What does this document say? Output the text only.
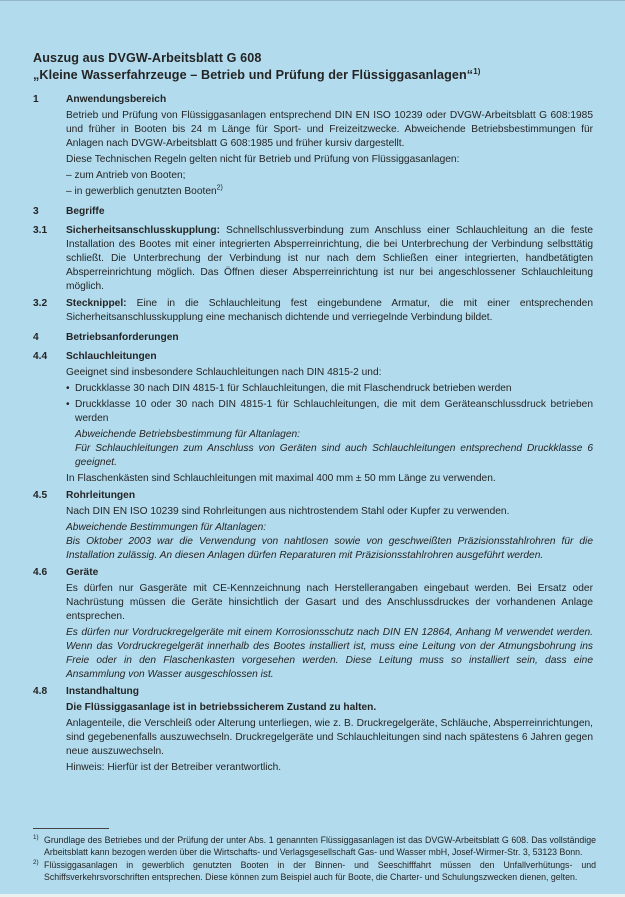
Auszug aus DVGW-Arbeitsblatt G 608
„Kleine Wasserfahrzeuge – Betrieb und Prüfung der Flüssiggasanlagen“$^{1)}$
1	Anwendungsbereich

Betrieb und Prüfung von Flüssiggasanlagen entsprechend DIN EN ISO 10239 oder DVGW-Arbeitsblatt G 608:1985 und früher in Booten bis 24 m Länge für Sport- und Freizeitzwecke. Abweichende Betriebsbestimmungen für Anlagen nach DVGW-Arbeitsblatt G 608:1985 und früher kursiv dargestellt.

Diese Technischen Regeln gelten nicht für Betrieb und Prüfung von Flüssiggasanlagen:

– zum Antrieb von Booten;

– in gewerblich genutzten Booten$^{2)}$

3	Begriffe
3.1	Sicherheitsanschlusskupplung: Schnellschlussverbindung zum Anschluss einer Schlauchleitung an die feste Installation des Bootes mit einer integrierten Absperreinrichtung, die bei Unterbrechung der Verbindung selbsttätig schließt. Die Unterbrechung der Verbindung ist nur nach dem Schließen einer integrierten, handbetätigten Absperreinrichtung möglich. Das Öffnen dieser Absperreinrichtung ist nur bei angeschlossener Schlauchleitung möglich.

3.2	Stecknippel: Eine in die Schlauchleitung fest eingebundene Armatur, die mit einer entsprechenden Sicherheitsanschlusskupplung eine mechanisch dichtende und verriegelnde Verbindung bildet.

4	Betriebsanforderungen
4.4	Schlauchleitungen

Geeignet sind insbesondere Schlauchleitungen nach DIN 4815-2 und:

• Druckklasse 30 nach DIN 4815-1 für Schlauchleitungen, die mit Flaschendruck betrieben werden
• Druckklasse 10 oder 30 nach DIN 4815-1 für Schlauchleitungen, die mit dem Geräteanschlussdruck betrieben werden

Abweichende Betriebsbestimmung für Altanlagen:

Für Schlauchleitungen zum Anschluss von Geräten sind auch Schlauchleitungen entsprechend Druckklasse 6 geeignet.

In Flaschenkästen sind Schlauchleitungen mit maximal 400 mm ± 50 mm Länge zu verwenden.

4.5	Rohrleitungen

Nach DIN EN ISO 10239 sind Rohrleitungen aus nichtrostendem Stahl oder Kupfer zu verwenden.

Abweichende Bestimmungen für Altanlagen:

Bis Oktober 2003 war die Verwendung von nahtlosen sowie von geschweißten Präzisionsstahlrohren für die Installation zulässig. An diesen Anlagen dürfen Reparaturen mit Präzisionsstahlrohren ausgeführt werden.

4.6	Geräte

Es dürfen nur Gasgeräte mit CE-Kennzeichnung nach Herstellerangaben eingebaut werden. Bei Ersatz oder Nachrüstung müssen die Geräte hinsichtlich der Gasart und des Anschlussdruckes der vorhandenen Anlage entsprechen.

Es dürfen nur Vordruckregelgeräte mit einem Korrosionsschutz nach DIN EN 12864, Anhang M verwendet werden. Wenn das Vordruckregelgerät innerhalb des Bootes installiert ist, muss eine Leitung von der Atmungsbohrung ins Freie oder in den Flaschenkasten vorgesehen werden. Diese Leitung muss so installiert sein, dass eine Ansammlung von Wasser ausgeschlossen ist.

4.8	Instandhaltung

Die Flüssiggasanlage ist in betriebssicherem Zustand zu halten.

Anlagenteile, die Verschleiß oder Alterung unterliegen, wie z. B. Druckregelgeräte, Schläuche, Absperreinrichtungen, sind gegebenenfalls auszuwechseln. Druckregelgeräte und Schlauchleitungen sind nach spätestens 6 Jahren gegen neue auszuwechseln.

Hinweis: Hierfür ist der Betreiber verantwortlich.

$^{1)}$ Grundlage des Betriebes und der Prüfung der unter Abs. 1 genannten Flüssiggasanlagen ist das DVGW-Arbeitsblatt G 608. Das vollständige Arbeitsblatt kann bezogen werden über die Wirtschafts- und Verlagsgesellschaft Gas- und Wasser mbH, Josef-Wirmer-Str. 3, 53123 Bonn.
$^{2)}$ Flüssiggasanlagen in gewerblich genutzten Booten in der Binnen- und Seeschifffahrt müssen den Unfallverhütungs- und Schiffsverkehrsvorschriften entsprechen. Diese können zum Beispiel auch für Boote, die Charter- und Schulungszwecken dienen, gelten.
